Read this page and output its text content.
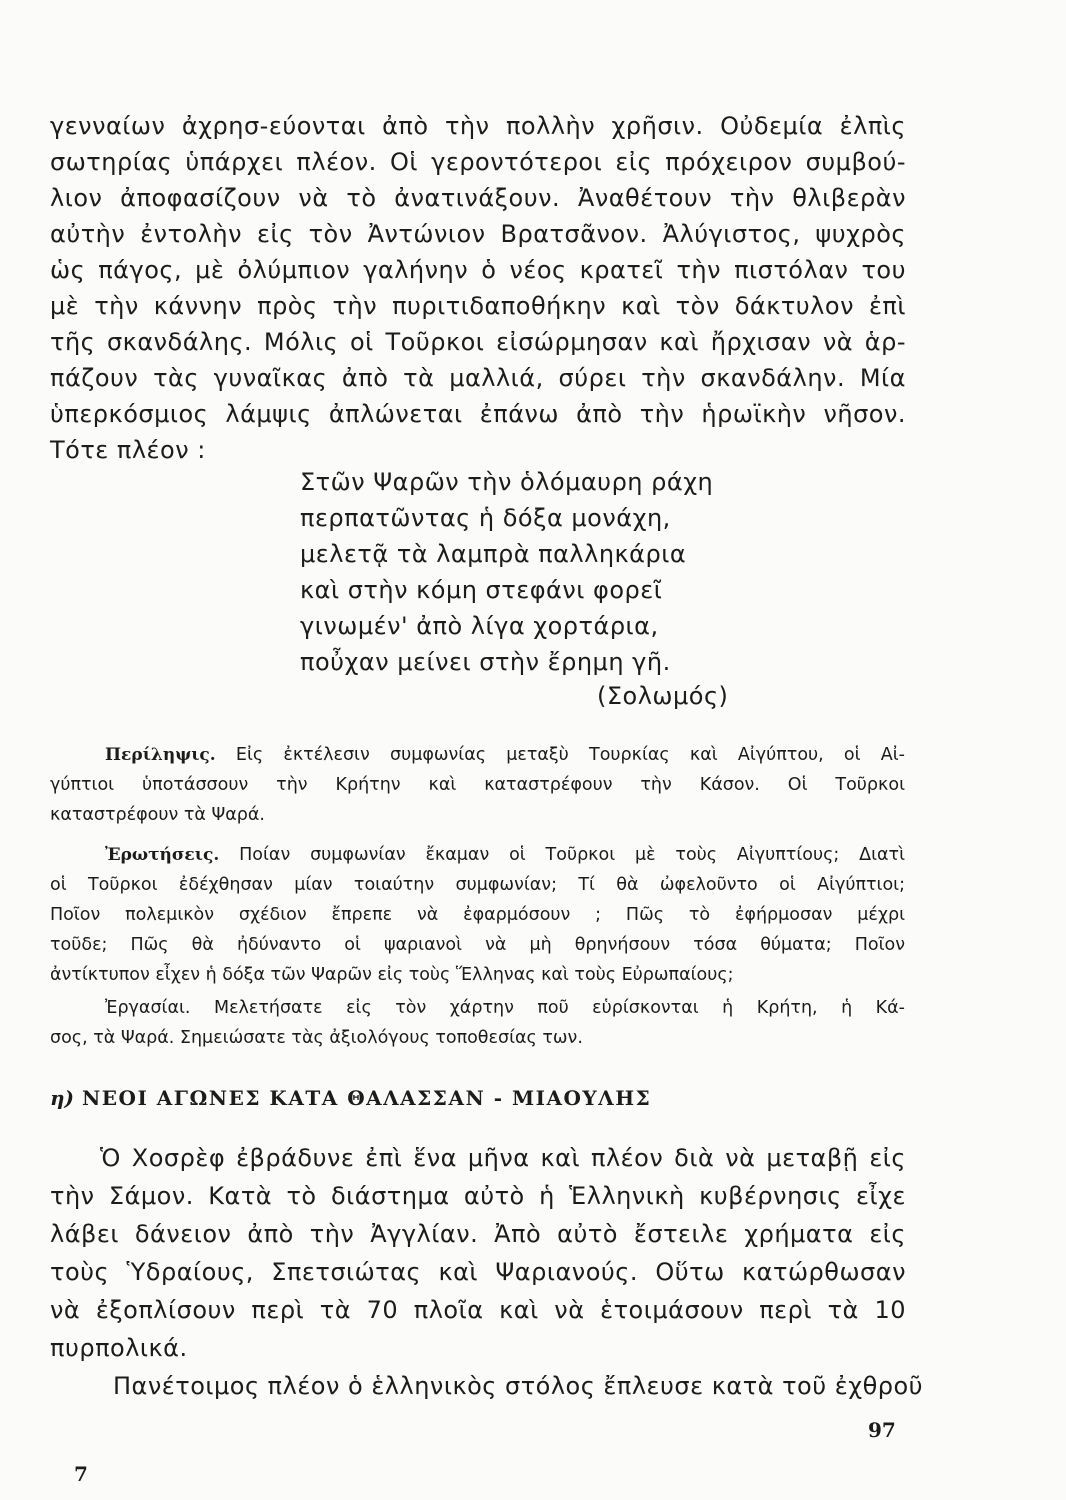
γενναίων ἀχρησ-εύονται ἀπὸ τὴν πολλὴν χρῆσιν. Οὐδεμία ἐλπὶς
σωτηρίας ὑπάρχει πλέον. Οἱ γεροντότεροι εἰς πρόχειρον συμβού-
λιον ἀποφασίζουν νὰ τὸ ἀνατινάξουν. Ἀναθέτουν τὴν θλιβερὰν
αὐτὴν ἐντολὴν εἰς τὸν Ἀντώνιον Βρατσᾶνον. Ἀλύγιστος, ψυχρὸς
ὡς πάγος, μὲ ὀλύμπιον γαλήνην ὁ νέος κρατεῖ τὴν πιστόλαν του
μὲ τὴν κάννην πρὸς τὴν πυριτιδαποθήκην καὶ τὸν δάκτυλον ἐπὶ
τῆς σκανδάλης. Μόλις οἱ Τοῦρκοι εἰσώρμησαν καὶ ἤρχισαν νὰ ἁρ-
πάζουν τὰς γυναῖκας ἀπὸ τὰ μαλλιά, σύρει τὴν σκανδάλην. Μία
ὑπερκόσμιος λάμψις ἀπλώνεται ἐπάνω ἀπὸ τὴν ἡρωϊκὴν νῆσον.
Τότε πλέον :
Στῶν Ψαρῶν τὴν ὁλόμαυρη ράχη
περπατῶντας ἡ δόξα μονάχη,
μελετᾷ τὰ λαμπρὰ παλληκάρια
καὶ στὴν κόμη στεφάνι φορεῖ
γινωμέν' ἀπὸ λίγα χορτάρια,
ποὖχαν μείνει στὴν ἔρημη γῆ.
(Σολωμός)
Περίληψις. Εἰς ἐκτέλεσιν συμφωνίας μεταξὺ Τουρκίας καὶ Αἰγύπτου, οἱ Αἰ-
γύπτιοι ὑποτάσσουν τὴν Κρήτην καὶ καταστρέφουν τὴν Κάσον. Οἱ Τοῦρκοι
καταστρέφουν τὰ Ψαρά.
Ἐρωτήσεις. Ποίαν συμφωνίαν ἔκαμαν οἱ Τοῦρκοι μὲ τοὺς Αἰγυπτίους; Διατὶ
οἱ Τοῦρκοι ἐδέχθησαν μίαν τοιαύτην συμφωνίαν; Τί θὰ ὠφελοῦντο οἱ Αἰγύπτιοι;
Ποῖον πολεμικὸν σχέδιον ἔπρεπε νὰ ἐφαρμόσουν ; Πῶς τὸ ἐφήρμοσαν μέχρι
τοῦδε; Πῶς θὰ ἠδύναντο οἱ ψαριανοὶ νὰ μὴ θρηνήσουν τόσα θύματα; Ποῖον
ἀντίκτυπον εἶχεν ἡ δόξα τῶν Ψαρῶν εἰς τοὺς Ἕλληνας καὶ τοὺς Εὐρωπαίους;
Ἐργασίαι. Μελετήσατε εἰς τὸν χάρτην ποῦ εὑρίσκονται ἡ Κρήτη, ἡ Κά-
σος, τὰ Ψαρά. Σημειώσατε τὰς ἀξιολόγους τοποθεσίας των.
η) ΝΕΟΙ ΑΓΩΝΕΣ ΚΑΤΑ ΘΑΛΑΣΣΑΝ - ΜΙΑΟΥΛΗΣ
Ὁ Χοσρὲφ ἐβράδυνε ἐπὶ ἕνα μῆνα καὶ πλέον διὰ νὰ μεταβῇ εἰς
τὴν Σάμον. Κατὰ τὸ διάστημα αὐτὸ ἡ Ἑλληνικὴ κυβέρνησις εἶχε
λάβει δάνειον ἀπὸ τὴν Ἀγγλίαν. Ἀπὸ αὐτὸ ἔστειλε χρήματα εἰς
τοὺς Ὑδραίους, Σπετσιώτας καὶ Ψαριανούς. Οὕτω κατώρθωσαν
νὰ ἐξοπλίσουν περὶ τὰ 70 πλοῖα καὶ νὰ ἑτοιμάσουν περὶ τὰ 10
πυρπολικά.
Πανέτοιμος πλέον ὁ ἑλληνικὸς στόλος ἔπλευσε κατὰ τοῦ ἐχθροῦ
97
7
